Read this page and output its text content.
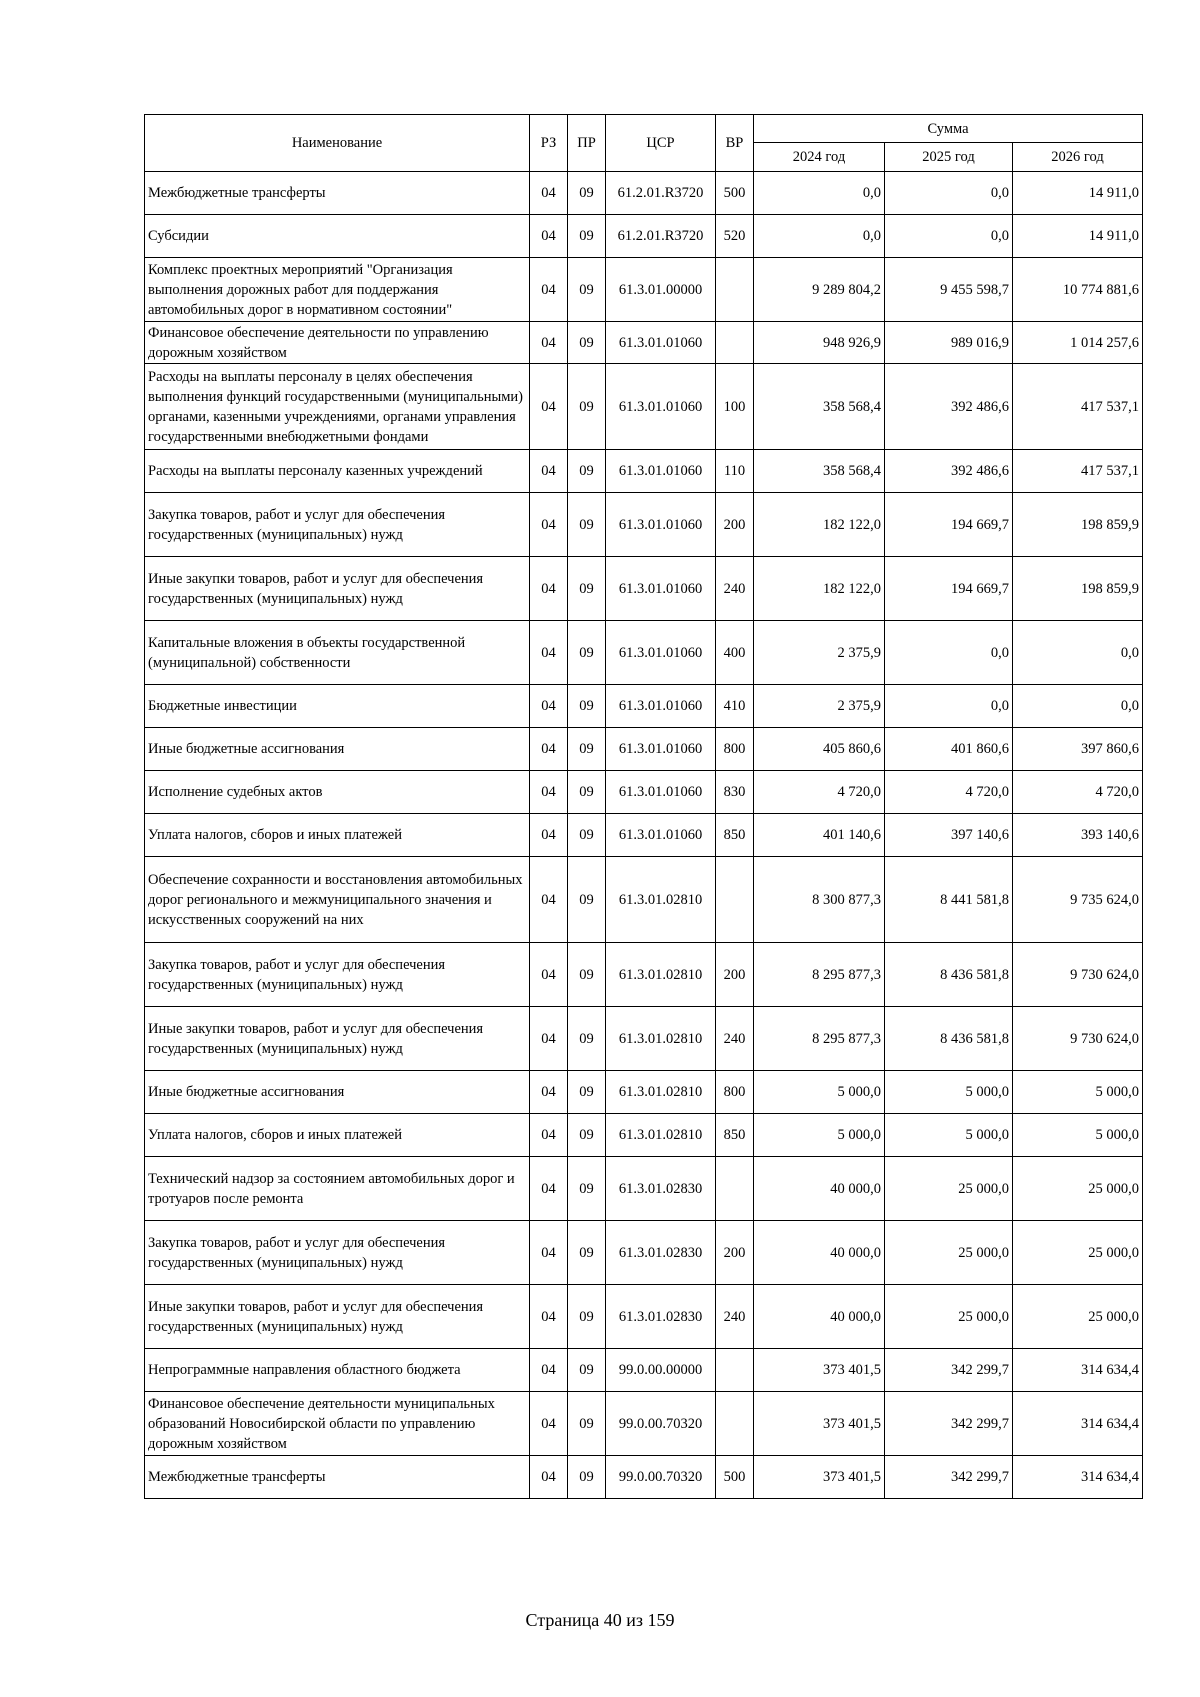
Наименование	РЗ	ПР	ЦСР	ВР	Сумма		
					2024 год	2025 год	2026 год
Межбюджетные трансферты	04	09	61.2.01.R3720	500	0,0	0,0	14 911,0
Субсидии	04	09	61.2.01.R3720	520	0,0	0,0	14 911,0
Комплекс проектных мероприятий "Организация выполнения дорожных работ для поддержания автомобильных дорог в нормативном состоянии"	04	09	61.3.01.00000		9 289 804,2	9 455 598,7	10 774 881,6
Финансовое обеспечение деятельности по управлению дорожным хозяйством	04	09	61.3.01.01060		948 926,9	989 016,9	1 014 257,6
Расходы на выплаты персоналу в целях обеспечения выполнения функций государственными (муниципальными) органами, казенными учреждениями, органами управления государственными внебюджетными фондами	04	09	61.3.01.01060	100	358 568,4	392 486,6	417 537,1
Расходы на выплаты персоналу казенных учреждений	04	09	61.3.01.01060	110	358 568,4	392 486,6	417 537,1
Закупка товаров, работ и услуг для обеспечения государственных (муниципальных) нужд	04	09	61.3.01.01060	200	182 122,0	194 669,7	198 859,9
Иные закупки товаров, работ и услуг для обеспечения государственных (муниципальных) нужд	04	09	61.3.01.01060	240	182 122,0	194 669,7	198 859,9
Капитальные вложения в объекты государственной (муниципальной) собственности	04	09	61.3.01.01060	400	2 375,9	0,0	0,0
Бюджетные инвестиции	04	09	61.3.01.01060	410	2 375,9	0,0	0,0
Иные бюджетные ассигнования	04	09	61.3.01.01060	800	405 860,6	401 860,6	397 860,6
Исполнение судебных актов	04	09	61.3.01.01060	830	4 720,0	4 720,0	4 720,0
Уплата налогов, сборов и иных платежей	04	09	61.3.01.01060	850	401 140,6	397 140,6	393 140,6
Обеспечение сохранности и восстановления автомобильных дорог регионального и межмуниципального значения и искусственных сооружений на них	04	09	61.3.01.02810		8 300 877,3	8 441 581,8	9 735 624,0
Закупка товаров, работ и услуг для обеспечения государственных (муниципальных) нужд	04	09	61.3.01.02810	200	8 295 877,3	8 436 581,8	9 730 624,0
Иные закупки товаров, работ и услуг для обеспечения государственных (муниципальных) нужд	04	09	61.3.01.02810	240	8 295 877,3	8 436 581,8	9 730 624,0
Иные бюджетные ассигнования	04	09	61.3.01.02810	800	5 000,0	5 000,0	5 000,0
Уплата налогов, сборов и иных платежей	04	09	61.3.01.02810	850	5 000,0	5 000,0	5 000,0
Технический надзор за состоянием автомобильных дорог и тротуаров после ремонта	04	09	61.3.01.02830		40 000,0	25 000,0	25 000,0
Закупка товаров, работ и услуг для обеспечения государственных (муниципальных) нужд	04	09	61.3.01.02830	200	40 000,0	25 000,0	25 000,0
Иные закупки товаров, работ и услуг для обеспечения государственных (муниципальных) нужд	04	09	61.3.01.02830	240	40 000,0	25 000,0	25 000,0
Непрограммные направления областного бюджета	04	09	99.0.00.00000		373 401,5	342 299,7	314 634,4
Финансовое обеспечение деятельности муниципальных образований Новосибирской области по управлению дорожным хозяйством	04	09	99.0.00.70320		373 401,5	342 299,7	314 634,4
Межбюджетные трансферты	04	09	99.0.00.70320	500	373 401,5	342 299,7	314 634,4
Страница 40 из 159
